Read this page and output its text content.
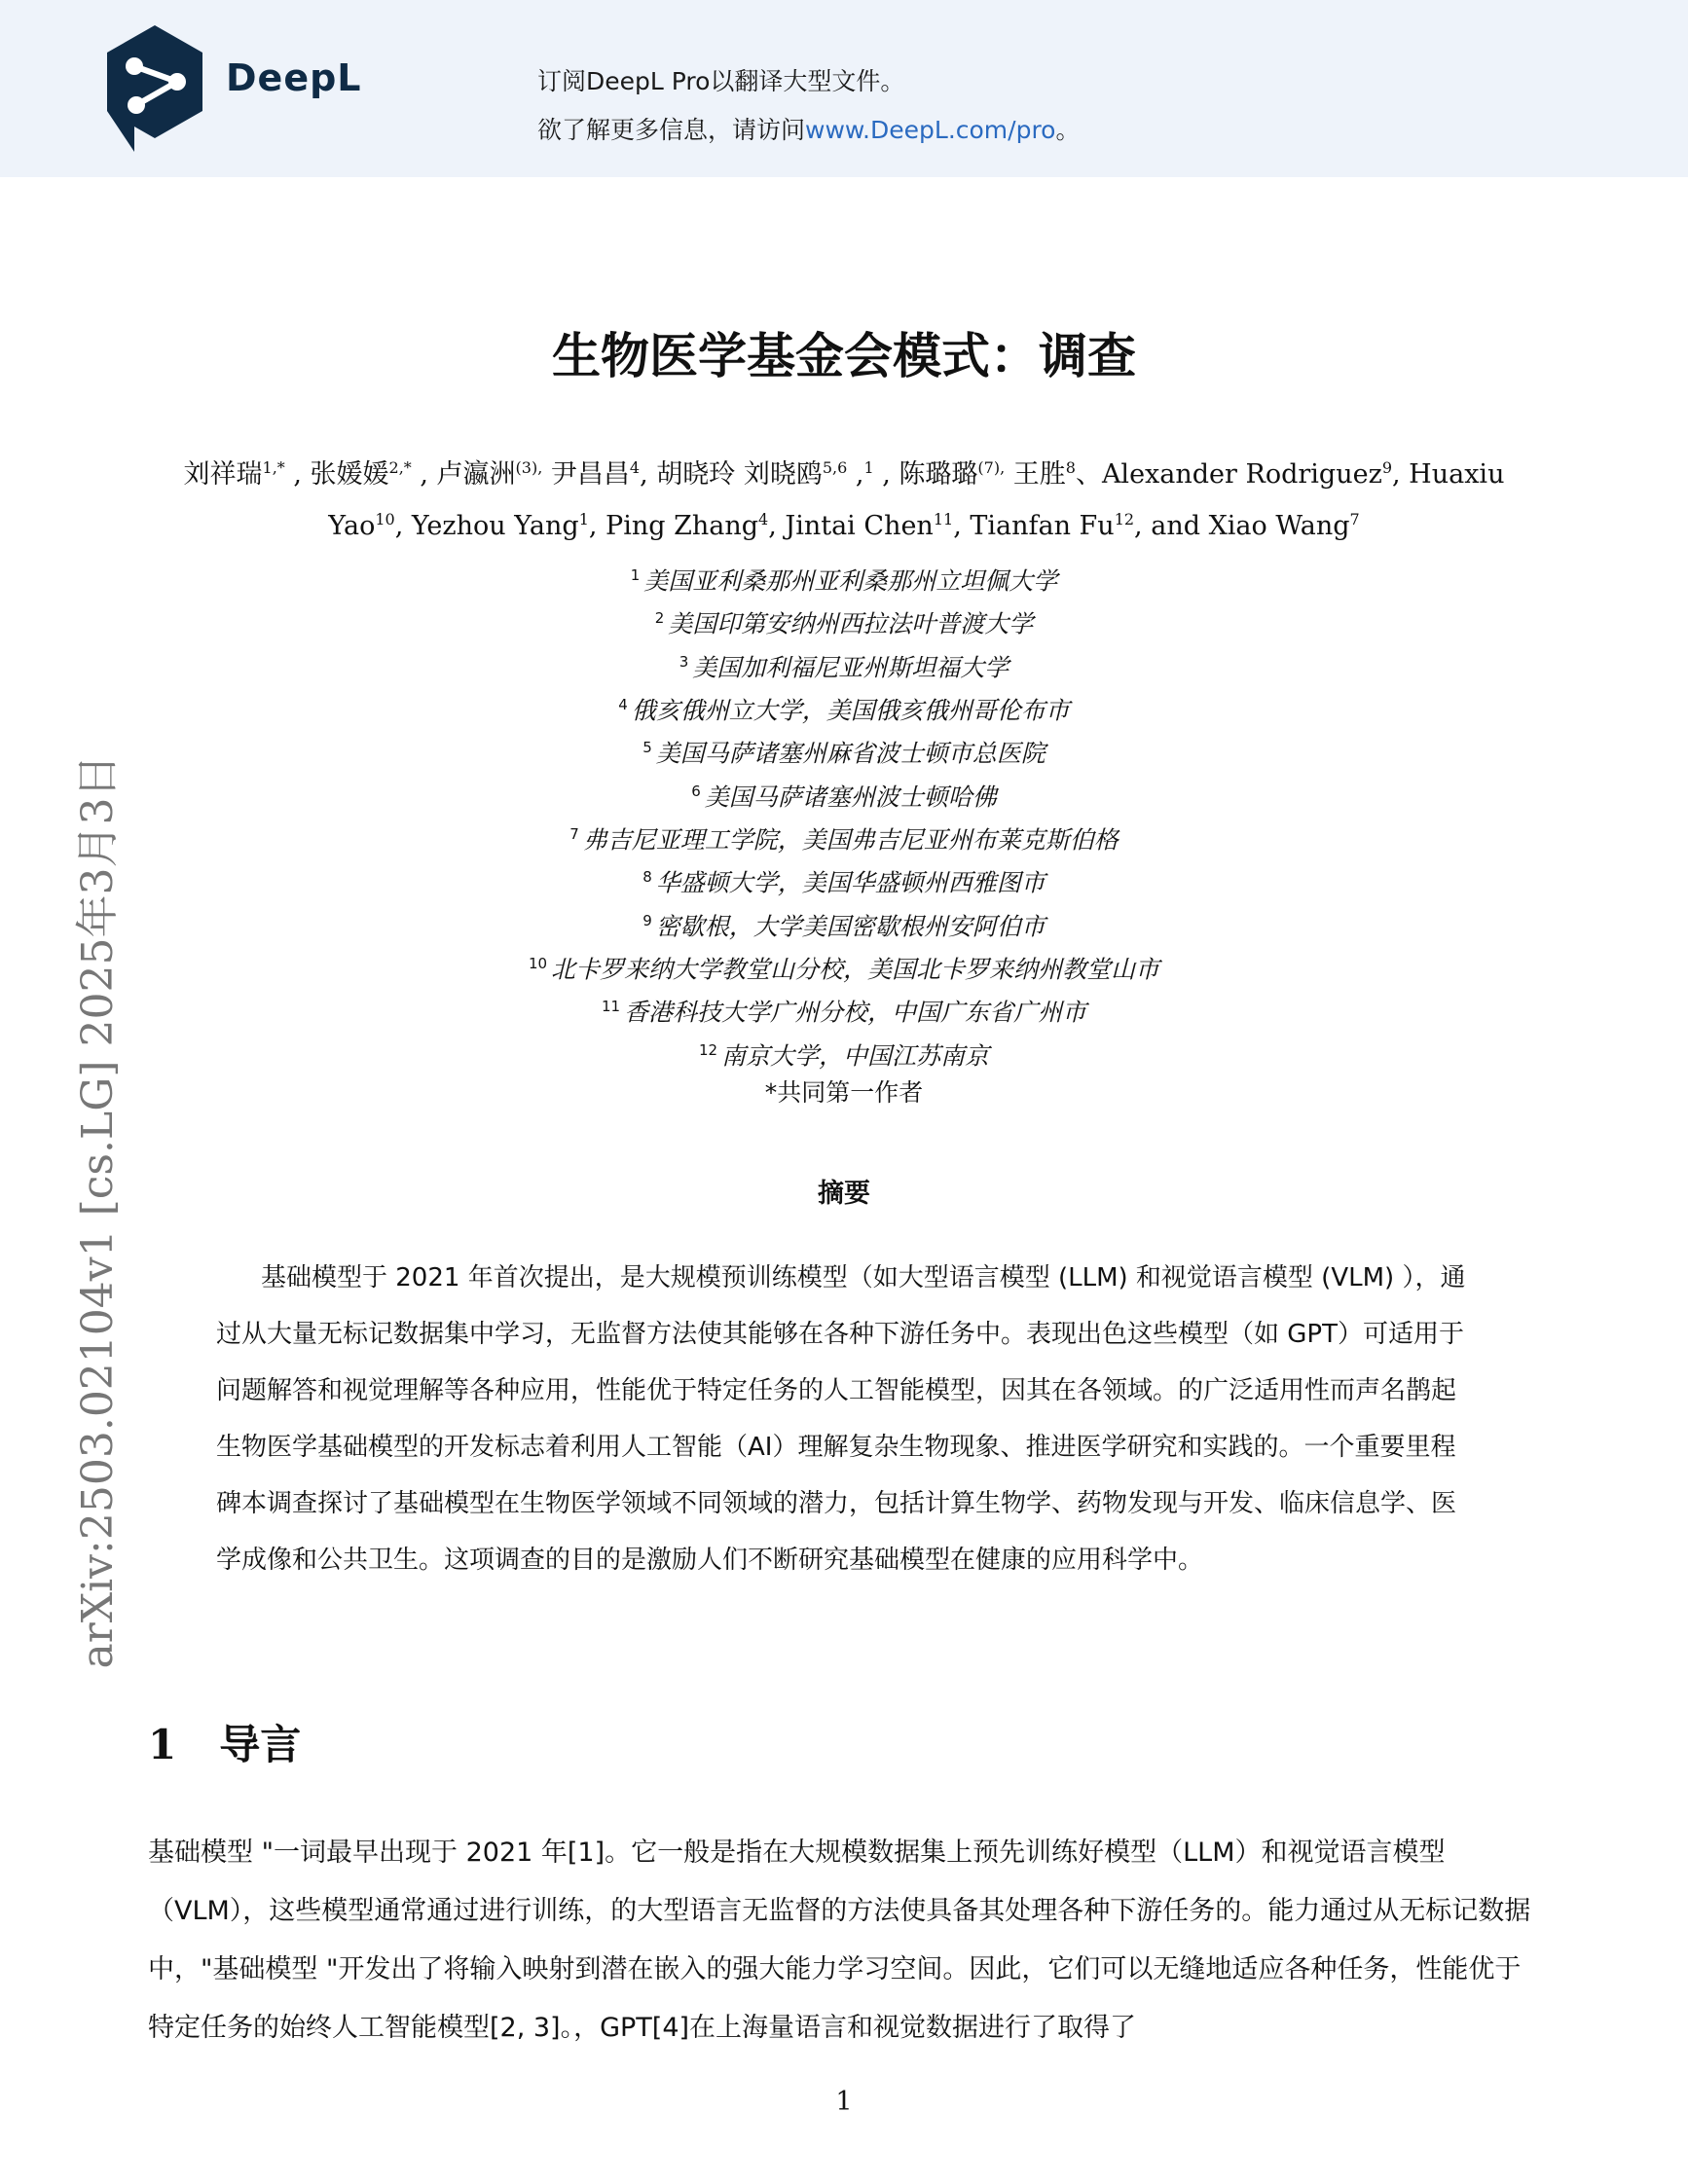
DeepL	订阅DeepL Pro以翻译大型文件。
欲了解更多信息，请访问www.DeepL.com/pro。
arXiv:2503.02104v1 [cs.LG] 2025年3月3日
生物医学基金会模式：调查
刘祥瑞$^{1,*}$ , 张媛媛$^{2,*}$ , 卢瀛洲$^{(3),}$ 尹昌昌$^4$, 胡晓玲 刘晓鸥$^{5,6}$ ,$^1$ , 陈璐璐$^{(7),}$ 王胜$^8$、Alexander Rodriguez$^9$, Huaxiu Yao$^{10}$, Yezhou Yang$^1$, Ping Zhang$^4$, Jintai Chen$^{11}$, Tianfan Fu$^{12}$, and Xiao Wang$^7$
$^1$ 美国亚利桑那州亚利桑那州立坦佩大学
$^2$ 美国印第安纳州西拉法叶普渡大学
$^3$ 美国加利福尼亚州斯坦福大学
$^4$ 俄亥俄州立大学，美国俄亥俄州哥伦布市
$^5$ 美国马萨诸塞州麻省波士顿市总医院
$^6$ 美国马萨诸塞州波士顿哈佛
$^7$ 弗吉尼亚理工学院，美国弗吉尼亚州布莱克斯伯格
$^8$ 华盛顿大学，美国华盛顿州西雅图市
$^9$ 密歇根，大学美国密歇根州安阿伯市
$^{10}$ 北卡罗来纳大学教堂山分校，美国北卡罗来纳州教堂山市
$^{11}$ 香港科技大学广州分校，中国广东省广州市
$^{12}$ 南京大学，中国江苏南京
*共同第一作者
摘要
基础模型于 2021 年首次提出，是大规模预训练模型（如大型语言模型 (LLM) 和视觉语言模型 (VLM) ），通过从大量无标记数据集中学习，无监督方法使其能够在各种下游任务中。表现出色这些模型（如 GPT）可适用于问题解答和视觉理解等各种应用，性能优于特定任务的人工智能模型，因其在各领域。的广泛适用性而声名鹊起生物医学基础模型的开发标志着利用人工智能（AI）理解复杂生物现象、推进医学研究和实践的。一个重要里程碑本调查探讨了基础模型在生物医学领域不同领域的潜力，包括计算生物学、药物发现与开发、临床信息学、医学成像和公共卫生。这项调查的目的是激励人们不断研究基础模型在健康的应用科学中。
1 导言
基础模型 "一词最早出现于 2021 年[1]。它一般是指在大规模数据集上预先训练好模型（LLM）和视觉语言模型（VLM），这些模型通常通过进行训练，的大型语言无监督的方法使具备其处理各种下游任务的。能力通过从无标记数据中，"基础模型 "开发出了将输入映射到潜在嵌入的强大能力学习空间。因此，它们可以无缝地适应各种任务，性能优于特定任务的始终人工智能模型[2, 3]。，GPT[4]在上海量语言和视觉数据进行了取得了
1
